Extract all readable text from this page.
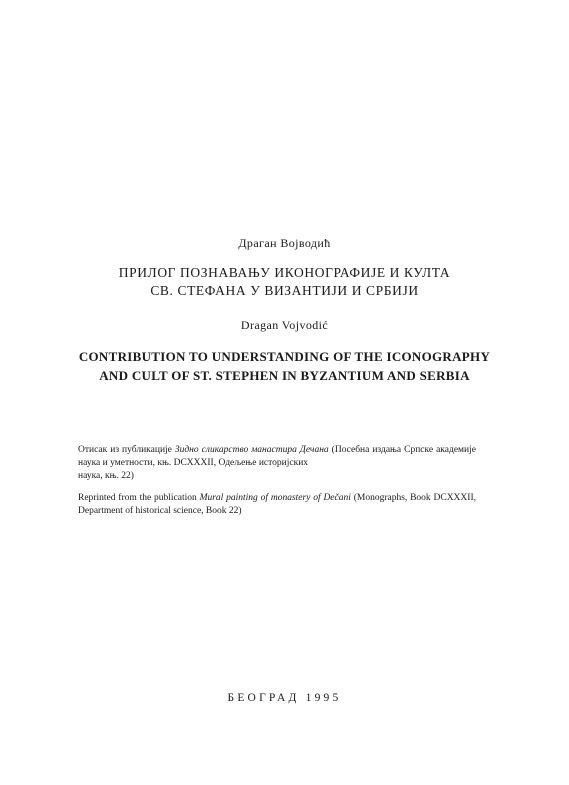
Драган Војводић
ПРИЛОГ ПОЗНАВАЊУ ИКОНОГРАФИЈЕ И КУЛТА
СВ. СТЕФАНА У ВИЗАНТИЈИ И СРБИЈИ
Dragan Vojvodić
CONTRIBUTION TO UNDERSTANDING OF THE ICONOGRAPHY
AND CULT OF ST. STEPHEN IN BYZANTIUM AND SERBIA
Отисак из публикације Зидно сликарство манастира Дечана (Посебна издања Српске академије наука и уметности, књ. DCXXXII, Одељење историјских
наука, књ. 22)
Reprinted from the publication Mural painting of monastery of Dečani (Monographs, Book DCXXXII, Department of historical science, Book 22)
БЕОГРАД 1995
